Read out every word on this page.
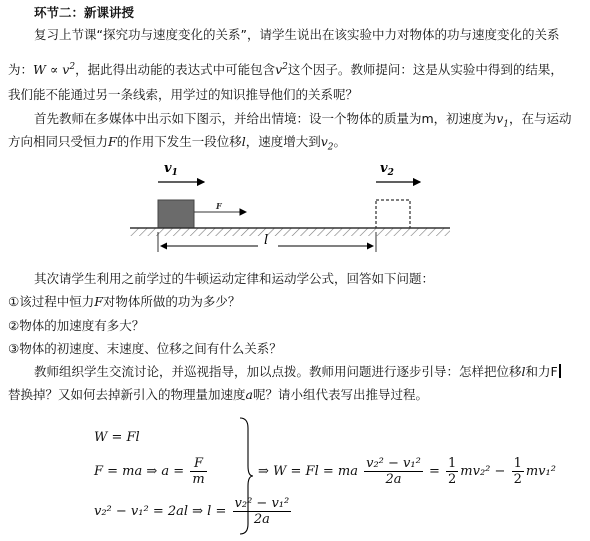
环节二：新课讲授
复习上节课“探究功与速度变化的关系”，请学生说出在该实验中力对物体的功与速度变化的关系
为：$W \propto v^2$，据此得出动能的表达式中可能包含$v^2$这个因子。教师提问：这是从实验中得到的结果，
我们能不能通过另一条线索，用学过的知识推导他们的关系呢？
首先教师在多媒体中出示如下图示，并给出情境：设一个物体的质量为m，初速度为$v_1$，在与运动
方向相同只受恒力F的作用下发生一段位移l，速度增大到$v_2$。
$v_1$	$v_2$
F
l
其次请学生利用之前学过的牛顿运动定律和运动学公式，回答如下问题：
①该过程中恒力F对物体所做的功为多少？
②物体的加速度有多大？
③物体的初速度、末速度、位移之间有什么关系？
教师组织学生交流讨论，并巡视指导，加以点拨。教师用问题进行逐步引导：怎样把位移l和力F
替换掉？又如何去掉新引入的物理量加速度a呢？请小组代表写出推导过程。
W = Fl
F = ma ⇒ $a = \frac{F}{m}$
v₂² − v₁² = 2al ⇒ $l = \frac{\text{v₂² − v₁²}}{2a}$
⇒ W = Fl = ma $\frac{\text{v₂² − v₁²}}{2a} = \frac{1}{2} mv_2^2 - \frac{1}{2} mv_1^2$
